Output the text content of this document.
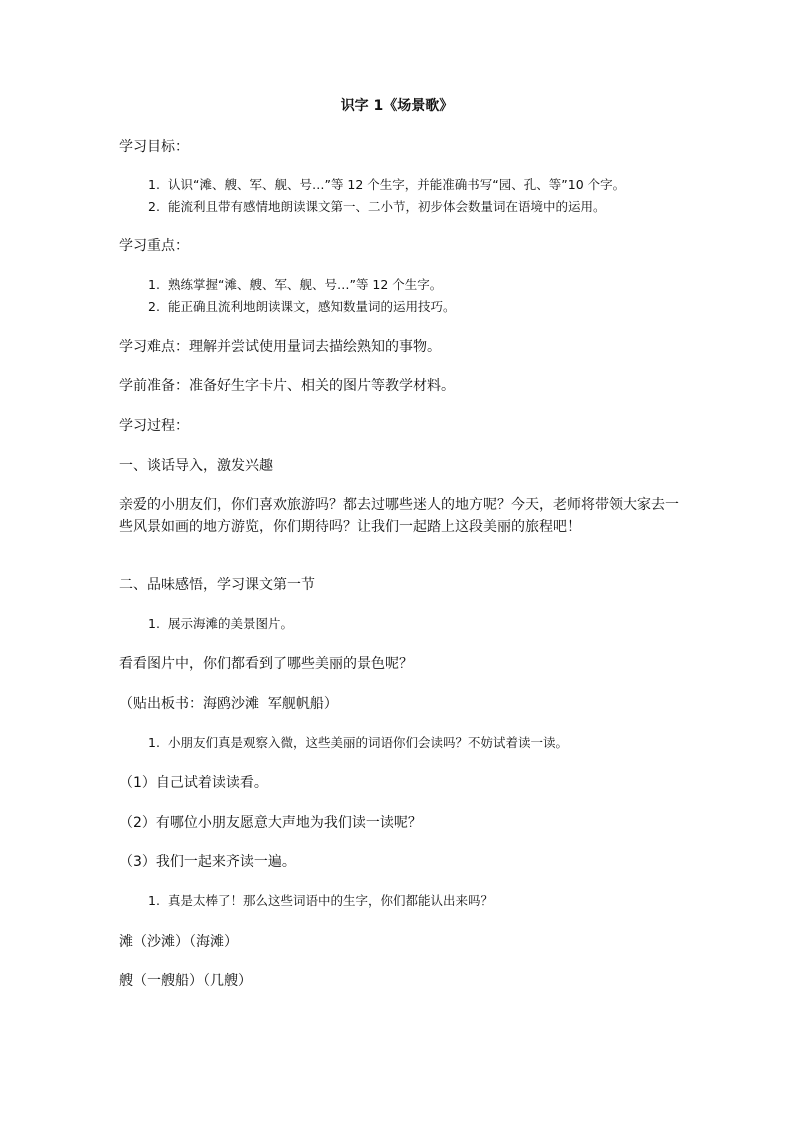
识字 1《场景歌》
学习目标：
1. 认识“滩、艘、军、舰、号…”等 12 个生字，并能准确书写“园、孔、等”10 个字。
2. 能流利且带有感情地朗读课文第一、二小节，初步体会数量词在语境中的运用。
学习重点：
1. 熟练掌握“滩、艘、军、舰、号…”等 12 个生字。
2. 能正确且流利地朗读课文，感知数量词的运用技巧。
学习难点：理解并尝试使用量词去描绘熟知的事物。
学前准备：准备好生字卡片、相关的图片等教学材料。
学习过程：
一、谈话导入，激发兴趣
亲爱的小朋友们，你们喜欢旅游吗？都去过哪些迷人的地方呢？今天，老师将带领大家去一些风景如画的地方游览，你们期待吗？让我们一起踏上这段美丽的旅程吧！
二、品味感悟，学习课文第一节
1. 展示海滩的美景图片。
看看图片中，你们都看到了哪些美丽的景色呢？
（贴出板书：海鸥沙滩  军舰帆船）
1. 小朋友们真是观察入微，这些美丽的词语你们会读吗？不妨试着读一读。
（1）自己试着读读看。
（2）有哪位小朋友愿意大声地为我们读一读呢？
（3）我们一起来齐读一遍。
1. 真是太棒了！那么这些词语中的生字，你们都能认出来吗？
滩（沙滩）（海滩）
艘（一艘船）（几艘）
